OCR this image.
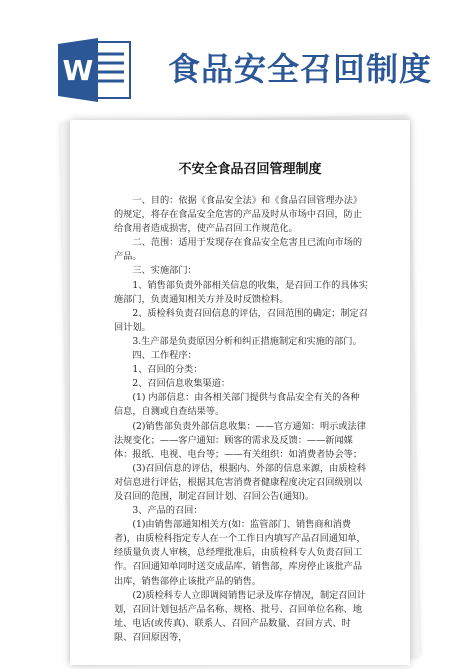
W 食品安全召回制度
不安全食品召回管理制度

一、目的：依据《食品安全法》和《食品召回管理办法》的规定，将存在食品安全危害的产品及时从市场中召回，防止给食用者造成损害，使产品召回工作规范化。

二、范围：适用于发现存在食品安全危害且已流向市场的产品。

三、实施部门：

1、销售部负责外部相关信息的收集，是召回工作的具体实施部门，负责通知相关方并及时反馈检料。

2、质检科负责召回信息的评估，召回范围的确定；制定召回计划。

3.生产部是负责原因分析和纠正措施制定和实施的部门。

四、工作程序：

1、召回的分类：

2、召回信息收集渠道：

(1) 内部信息：由各相关部门提供与食品安全有关的各种信息，自测或自查结果等。

(2)销售部负责外部信息收集：——官方通知：明示或法律法规变化；——客户通知：顾客的需求及反馈：——新闻媒体：报纸、电视、电台等；——有关组织：如消费者协会等；

(3)召回信息的评估，根据内、外部的信息来源，由质检科对信息进行评估，根据其危害消费者健康程度决定召回级别以及召回的范围，制定召回计划、召回公告(通知)。

3、产品的召回：

(1)由销售部通知相关方(如：监管部门、销售商和消费者)，由质检科指定专人在一个工作日内填写产品召回通知单，经质量负责人审核，总经理批准后，由质检科专人负责召回工作。召回通知单同时送交成品库、销售部，库房停止该批产品出库，销售部停止该批产品的销售。

(2)质检科专人立即调阅销售记录及库存情况，制定召回计划，召回计划包括产品名称、规格、批号、召回单位名称、地址、电话(或传真)、联系人、召回产品数量、召回方式、时限、召回原因等，
